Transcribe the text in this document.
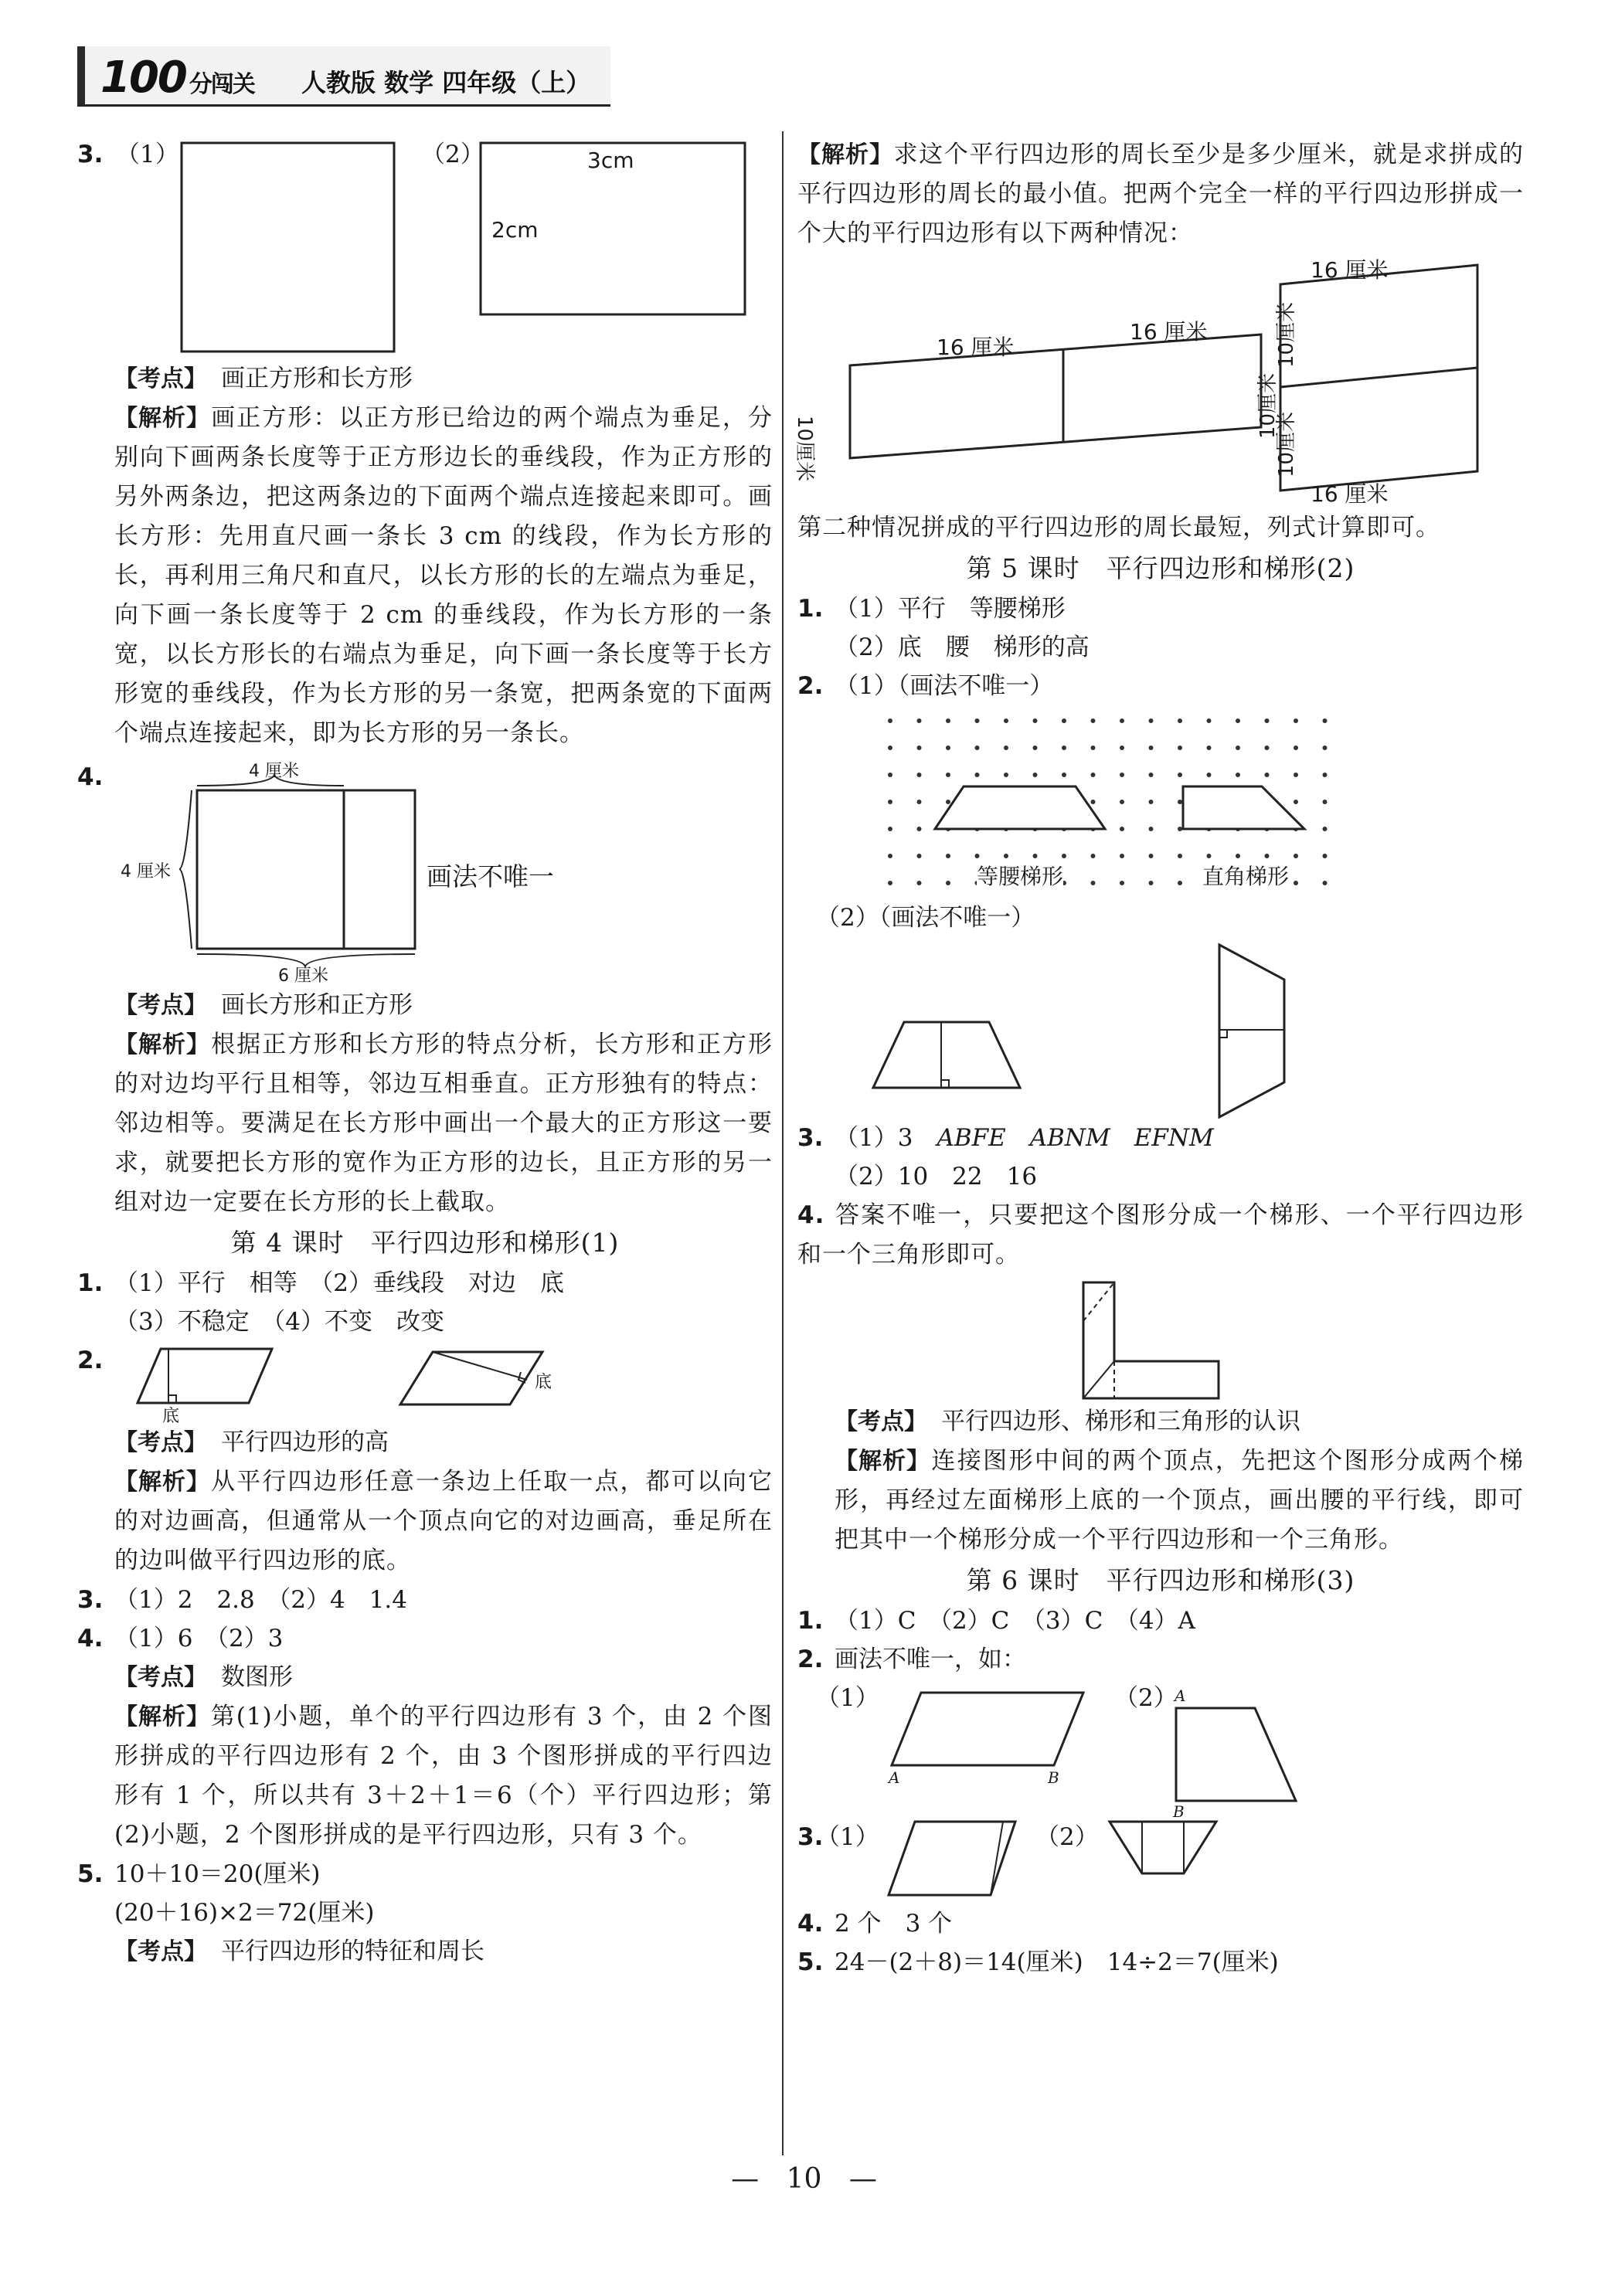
100 分闯关 人教版 数学 四年级（上）
3. （1）	（2）	3cm
2cm
【考点】 画正方形和长方形
【解析】画正方形：以正方形已给边的两个端点为垂足，分别向下画两条长度等于正方形边长的垂线段，作为正方形的另外两条边，把这两条边的下面两个端点连接起来即可。画长方形：先用直尺画一条长 3 cm 的线段，作为长方形的长，再利用三角尺和直尺，以长方形的长的左端点为垂足，向下画一条长度等于 2 cm 的垂线段，作为长方形的一条宽，以长方形长的右端点为垂足，向下画一条长度等于长方形宽的垂线段，作为长方形的另一条宽，把两条宽的下面两个端点连接起来，即为长方形的另一条长。
4.	4 厘米
4 厘米
6 厘米
画法不唯一
【考点】 画长方形和正方形
【解析】根据正方形和长方形的特点分析，长方形和正方形的对边均平行且相等，邻边互相垂直。正方形独有的特点：邻边相等。要满足在长方形中画出一个最大的正方形这一要求，就要把长方形的宽作为正方形的边长，且正方形的另一组对边一定要在长方形的长上截取。
第 4 课时　平行四边形和梯形(1)
1. （1）平行　相等　（2）垂线段　对边　底
（3）不稳定　（4）不变　改变
2.
底
底
【考点】 平行四边形的高
【解析】从平行四边形任意一条边上任取一点，都可以向它的对边画高，但通常从一个顶点向它的对边画高，垂足所在的边叫做平行四边形的底。
3. （1）2　2.8　（2）4　1.4
4. （1）6　（2）3
【考点】 数图形
【解析】第(1)小题，单个的平行四边形有 3 个，由 2 个图形拼成的平行四边形有 2 个，由 3 个图形拼成的平行四边形有 1 个，所以共有 3＋2＋1＝6（个）平行四边形；第(2)小题，2 个图形拼成的是平行四边形，只有 3 个。
5. 10＋10＝20(厘米)
(20＋16)×2＝72(厘米)
【考点】 平行四边形的特征和周长
【解析】求这个平行四边形的周长至少是多少厘米，就是求拼成的平行四边形的周长的最小值。把两个完全一样的平行四边形拼成一个大的平行四边形有以下两种情况：
16 厘米
16 厘米
10厘米
10厘米
16 厘米
16 厘米
10厘米
10厘米
第二种情况拼成的平行四边形的周长最短，列式计算即可。
第 5 课时　平行四边形和梯形(2)
1. （1）平行　等腰梯形
（2）底　腰　梯形的高
2. （1）（画法不唯一）
等腰梯形	直角梯形
（2）（画法不唯一）
3. （1）3　ABFE　ABNM　EFNM
（2）10　22　16
4. 答案不唯一，只要把这个图形分成一个梯形、一个平行四边形和一个三角形即可。
【考点】 平行四边形、梯形和三角形的认识
【解析】连接图形中间的两个顶点，先把这个图形分成两个梯形，再经过左面梯形上底的一个顶点，画出腰的平行线，即可把其中一个梯形分成一个平行四边形和一个三角形。
第 6 课时　平行四边形和梯形(3)
1. （1）C　（2）C　（3）C　（4）A
2. 画法不唯一，如：
（1）	（2）
A	B
A
B
3.
（1）	（2）
4. 2 个　3 个
5. 24－(2＋8)＝14(厘米)　14÷2＝7(厘米)
— 10 —
